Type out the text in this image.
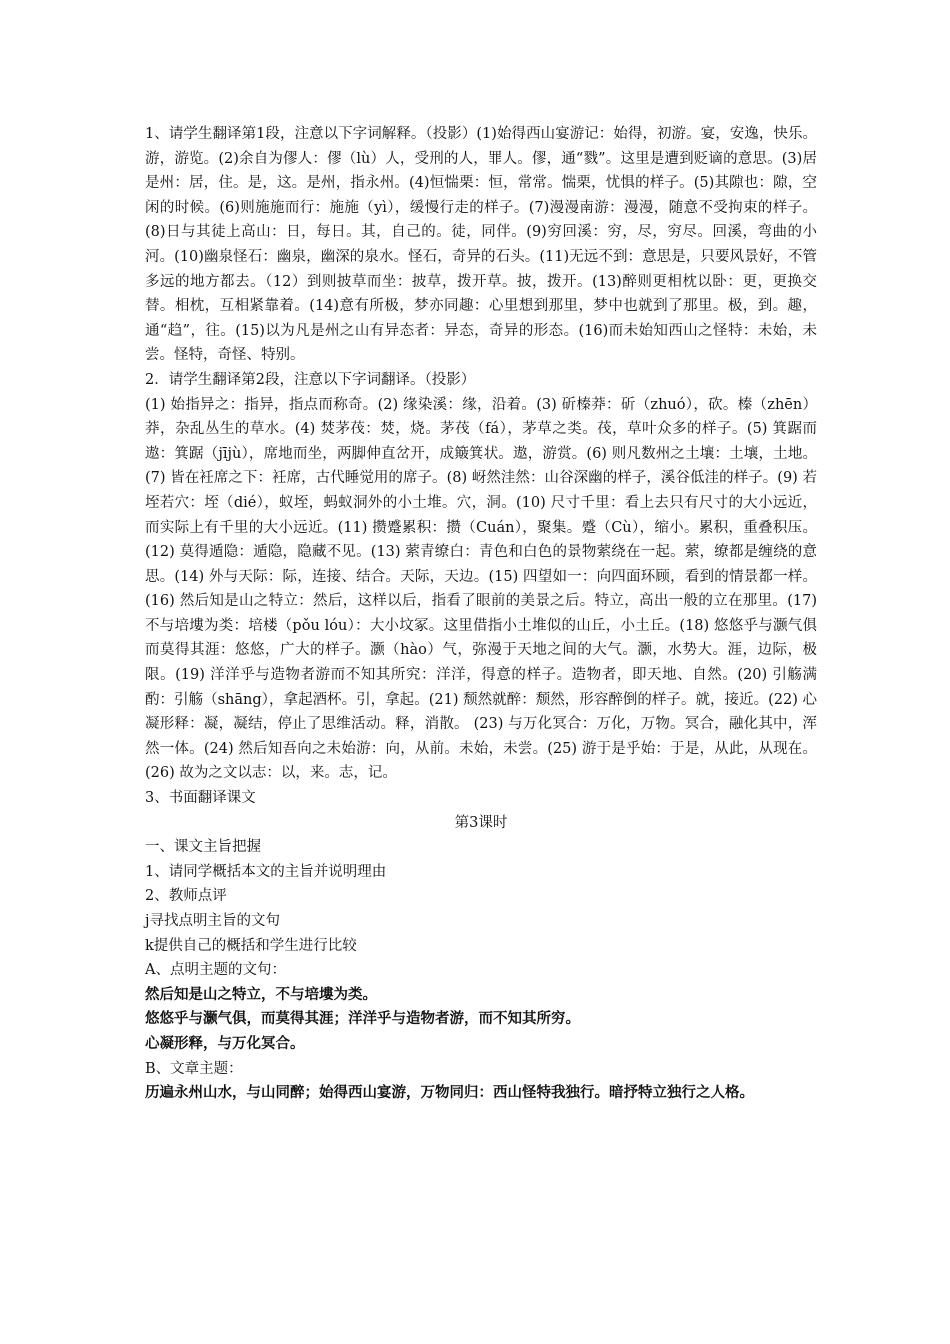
1、请学生翻译第1段，注意以下字词解释。（投影）(1)始得西山宴游记：始得，初游。宴，安逸，快乐。游，游览。(2)余自为僇人：僇（lù）人，受刑的人，罪人。僇，通“戮”。这里是遭到贬谪的意思。(3)居是州：居，住。是，这。是州，指永州。(4)恒惴栗：恒，常常。惴栗，忧惧的样子。(5)其隙也：隙，空闲的时候。(6)则施施而行：施施（yì），缓慢行走的样子。(7)漫漫南游：漫漫，随意不受拘束的样子。(8)日与其徒上高山：日，每日。其，自己的。徒，同伴。(9)穷回溪：穷，尽，穷尽。回溪，弯曲的小河。(10)幽泉怪石：幽泉，幽深的泉水。怪石，奇异的石头。(11)无远不到：意思是，只要风景好，不管多远的地方都去。（12）到则披草而坐：披草，拨开草。披，拨开。(13)醉则更相枕以卧：更，更换交替。相枕，互相紧靠着。(14)意有所极，梦亦同趣：心里想到那里，梦中也就到了那里。极，到。趣，通“趋”，往。(15)以为凡是州之山有异态者：异态，奇异的形态。(16)而未始知西山之怪特：未始，未尝。怪特，奇怪、特别。

2．请学生翻译第2段，注意以下字词翻译。（投影）

(1) 始指异之：指异，指点而称奇。(2) 缘染溪：缘，沿着。(3) 斫榛莽：斫（zhuó），砍。榛（zhēn）莽，杂乱丛生的草水。(4) 焚茅茷：焚，烧。茅茷（fá），茅草之类。茷，草叶众多的样子。(5) 箕踞而遨：箕踞（jījù），席地而坐，两脚伸直岔开，成簸箕状。遨，游赏。(6) 则凡数州之土壤：土壤，土地。(7) 皆在衽席之下：衽席，古代睡觉用的席子。(8) 岈然洼然：山谷深幽的样子，溪谷低洼的样子。(9) 若垤若穴：垤（dié），蚁垤，蚂蚁洞外的小土堆。穴，洞。(10) 尺寸千里：看上去只有尺寸的大小远近，而实际上有千里的大小远近。(11) 攒蹙累积：攒（Cuán），聚集。蹙（Cù），缩小。累积，重叠积压。(12) 莫得遁隐：遁隐，隐藏不见。(13) 萦青缭白：青色和白色的景物萦绕在一起。萦，缭都是缠绕的意思。(14) 外与天际：际，连接、结合。天际，天边。(15) 四望如一：向四面环顾，看到的情景都一样。(16) 然后知是山之特立：然后，这样以后，指看了眼前的美景之后。特立，高出一般的立在那里。(17) 不与培塿为类：培楼（pǒu lóu）：大小坟冢。这里借指小土堆似的山丘，小土丘。(18) 悠悠乎与灏气俱而莫得其涯：悠悠，广大的样子。灏（hào）气，弥漫于天地之间的大气。灏，水势大。涯，边际，极限。(19) 洋洋乎与造物者游而不知其所究：洋洋，得意的样子。造物者，即天地、自然。(20) 引觞满酌：引觞（shāng），拿起酒杯。引，拿起。(21) 颓然就醉：颓然，形容醉倒的样子。就，接近。(22) 心凝形释：凝，凝结，停止了思维活动。释，消散。 (23) 与万化冥合：万化，万物。冥合，融化其中，浑然一体。(24) 然后知吾向之未始游：向，从前。未始，未尝。(25) 游于是乎始：于是，从此，从现在。(26) 故为之文以志：以，来。志，记。

3、书面翻译课文

第3课时

一、课文主旨把握

1、请同学概括本文的主旨并说明理由

2、教师点评

j寻找点明主旨的文句

k提供自己的概括和学生进行比较

A、点明主题的文句：

然后知是山之特立，不与培塿为类。

悠悠乎与灏气俱，而莫得其涯；洋洋乎与造物者游，而不知其所穷。

心凝形释，与万化冥合。

B、文章主题：

历遍永州山水，与山同醉；始得西山宴游，万物同归：西山怪特我独行。暗抒特立独行之人格。
